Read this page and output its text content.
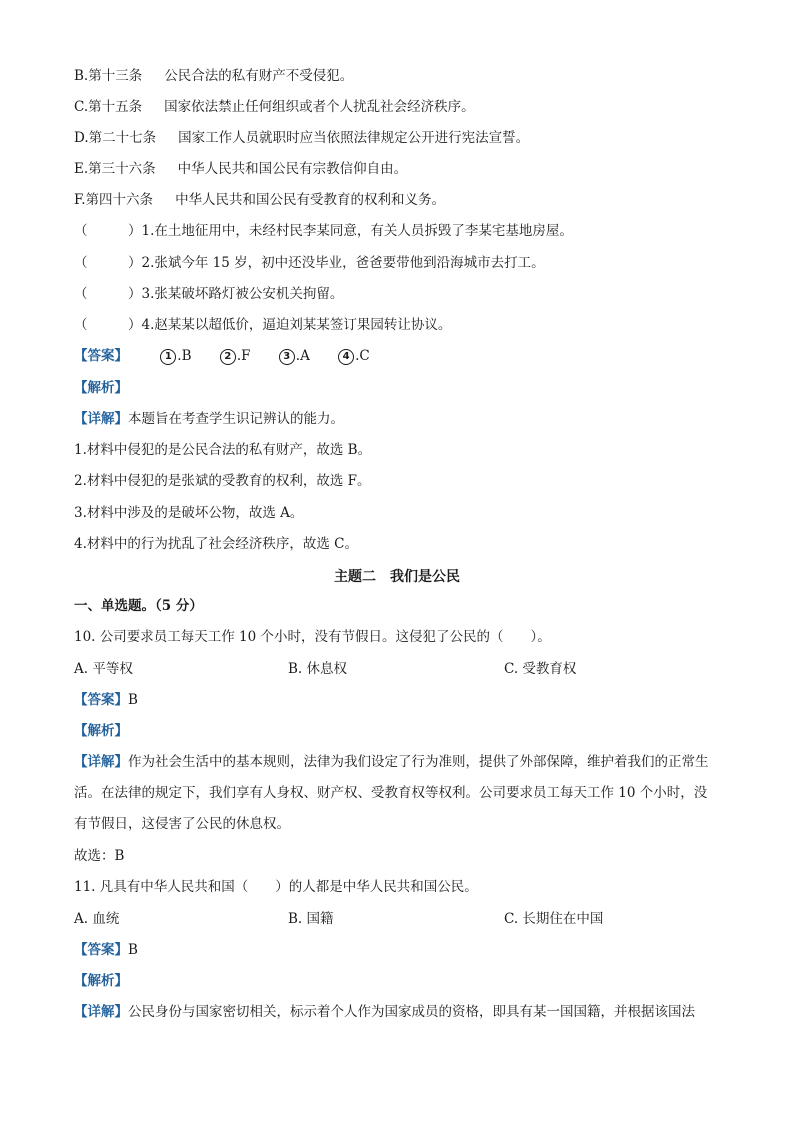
B.第十三条 公民合法的私有财产不受侵犯。
C.第十五条 国家依法禁止任何组织或者个人扰乱社会经济秩序。
D.第二十七条 国家工作人员就职时应当依照法律规定公开进行宪法宣誓。
E.第三十六条 中华人民共和国公民有宗教信仰自由。
F.第四十六条 中华人民共和国公民有受教育的权利和义务。
（　　　）1.在土地征用中，未经村民李某同意，有关人员拆毁了李某宅基地房屋。
（　　　）2.张斌今年 15 岁，初中还没毕业，爸爸要带他到沿海城市去打工。
（　　　）3.张某破坏路灯被公安机关拘留。
（　　　）4.赵某某以超低价，逼迫刘某某签订果园转让协议。
【答案】	1 .B	2 .F	3 .A	4 .C
【解析】
【详解】本题旨在考查学生识记辨认的能力。
1.材料中侵犯的是公民合法的私有财产，故选 B。
2.材料中侵犯的是张斌的受教育的权利，故选 F。
3.材料中涉及的是破坏公物，故选 A。
4.材料中的行为扰乱了社会经济秩序，故选 C。
主题二　我们是公民
一、单选题。（5 分）
10. 公司要求员工每天工作 10 个小时，没有节假日。这侵犯了公民的（　　）。
A. 平等权	B. 休息权	C. 受教育权
【答案】B
【解析】
【详解】作为社会生活中的基本规则，法律为我们设定了行为准则，提供了外部保障，维护着我们的正常生活。在法律的规定下，我们享有人身权、财产权、受教育权等权利。公司要求员工每天工作 10 个小时，没有节假日，这侵害了公民的休息权。
故选：B
11. 凡具有中华人民共和国（　　）的人都是中华人民共和国公民。
A. 血统	B. 国籍	C. 长期住在中国
【答案】B
【解析】
【详解】公民身份与国家密切相关，标示着个人作为国家成员的资格，即具有某一国国籍，并根据该国法
